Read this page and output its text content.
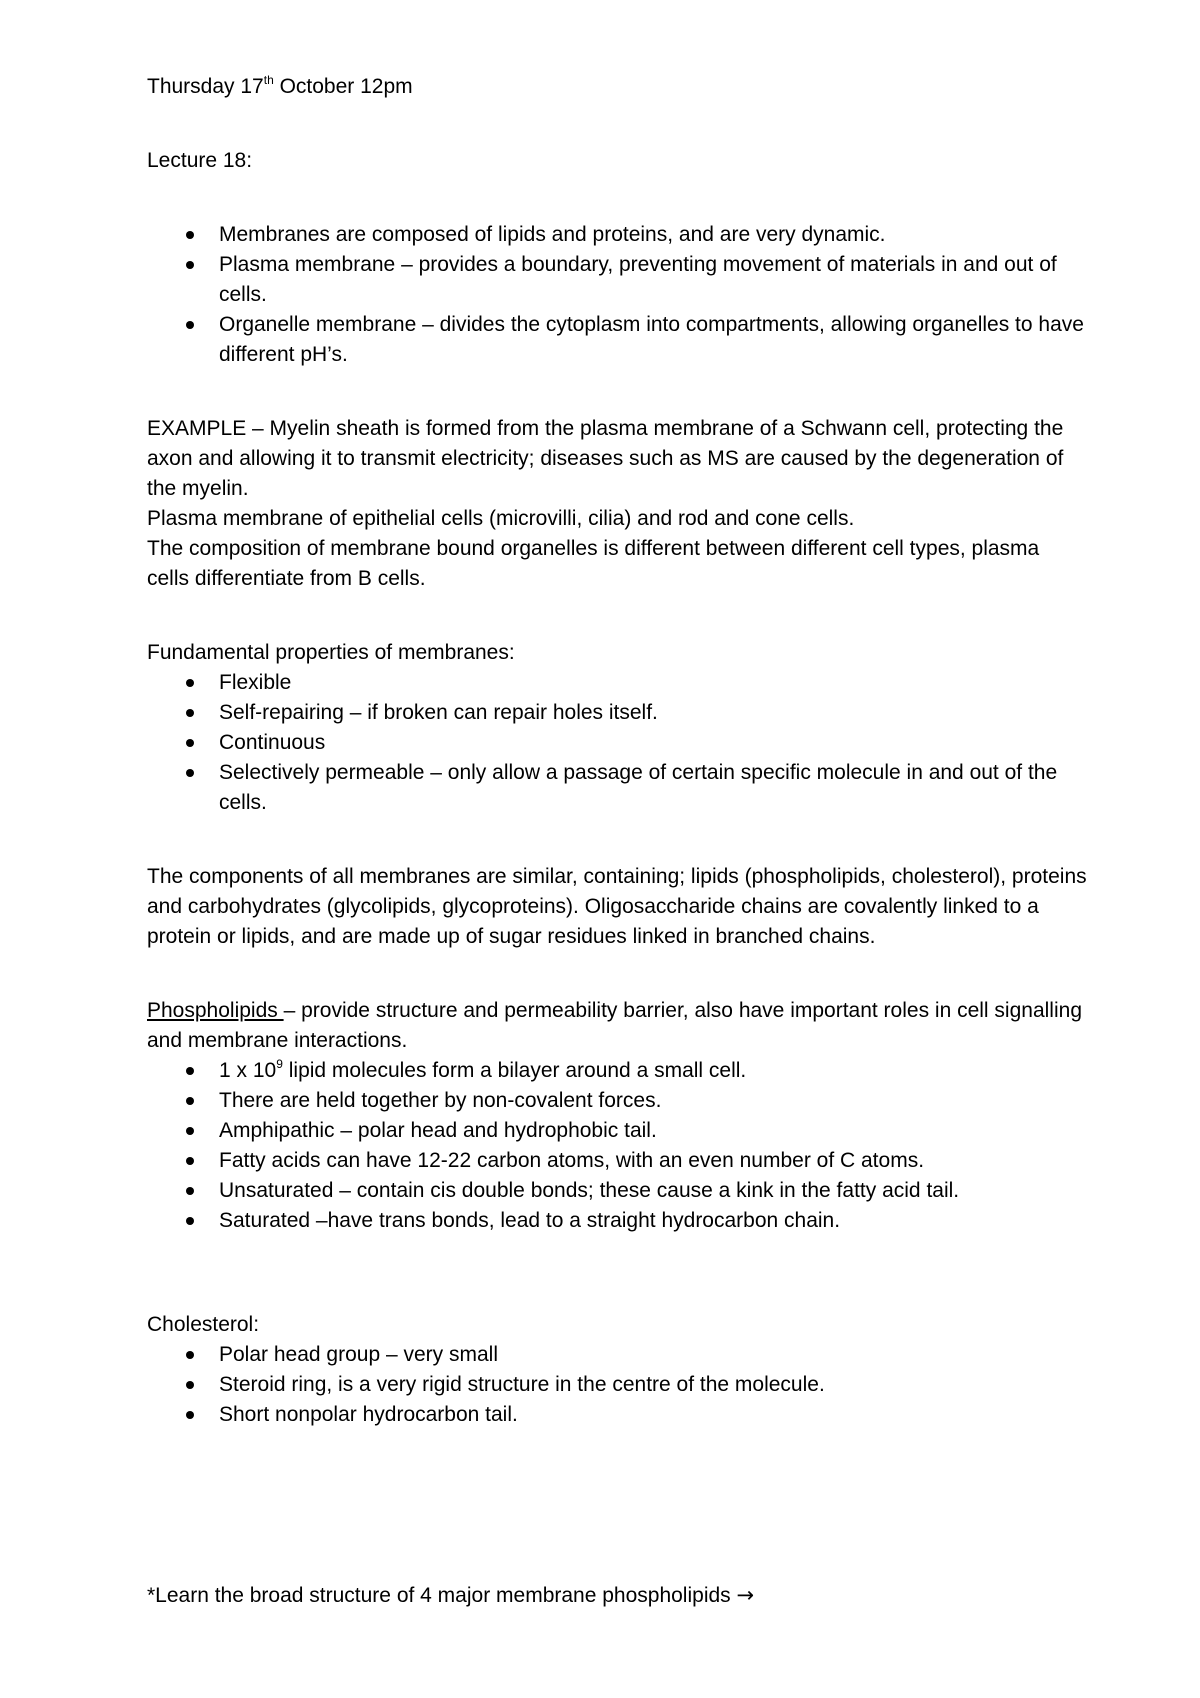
Thursday 17th October 12pm

Lecture 18:

Membranes are composed of lipids and proteins, and are very dynamic.
Plasma membrane – provides a boundary, preventing movement of materials in and out of cells.
Organelle membrane – divides the cytoplasm into compartments, allowing organelles to have different pH’s.

EXAMPLE – Myelin sheath is formed from the plasma membrane of a Schwann cell, protecting the axon and allowing it to transmit electricity; diseases such as MS are caused by the degeneration of the myelin.

Plasma membrane of epithelial cells (microvilli, cilia) and rod and cone cells.

The composition of membrane bound organelles is different between different cell types, plasma cells differentiate from B cells.

Fundamental properties of membranes:

Flexible
Self-repairing – if broken can repair holes itself.
Continuous
Selectively permeable – only allow a passage of certain specific molecule in and out of the cells.

The components of all membranes are similar, containing; lipids (phospholipids, cholesterol), proteins and carbohydrates (glycolipids, glycoproteins). Oligosaccharide chains are covalently linked to a protein or lipids, and are made up of sugar residues linked in branched chains.

Phospholipids – provide structure and permeability barrier, also have important roles in cell signalling and membrane interactions.

1 x $10^9$ lipid molecules form a bilayer around a small cell.
There are held together by non-covalent forces.
Amphipathic – polar head and hydrophobic tail.
Fatty acids can have 12-22 carbon atoms, with an even number of C atoms.
Unsaturated – contain cis double bonds; these cause a kink in the fatty acid tail.
Saturated –have trans bonds, lead to a straight hydrocarbon chain.

Cholesterol:

Polar head group – very small
Steroid ring, is a very rigid structure in the centre of the molecule.
Short nonpolar hydrocarbon tail.

*Learn the broad structure of 4 major membrane phospholipids →
